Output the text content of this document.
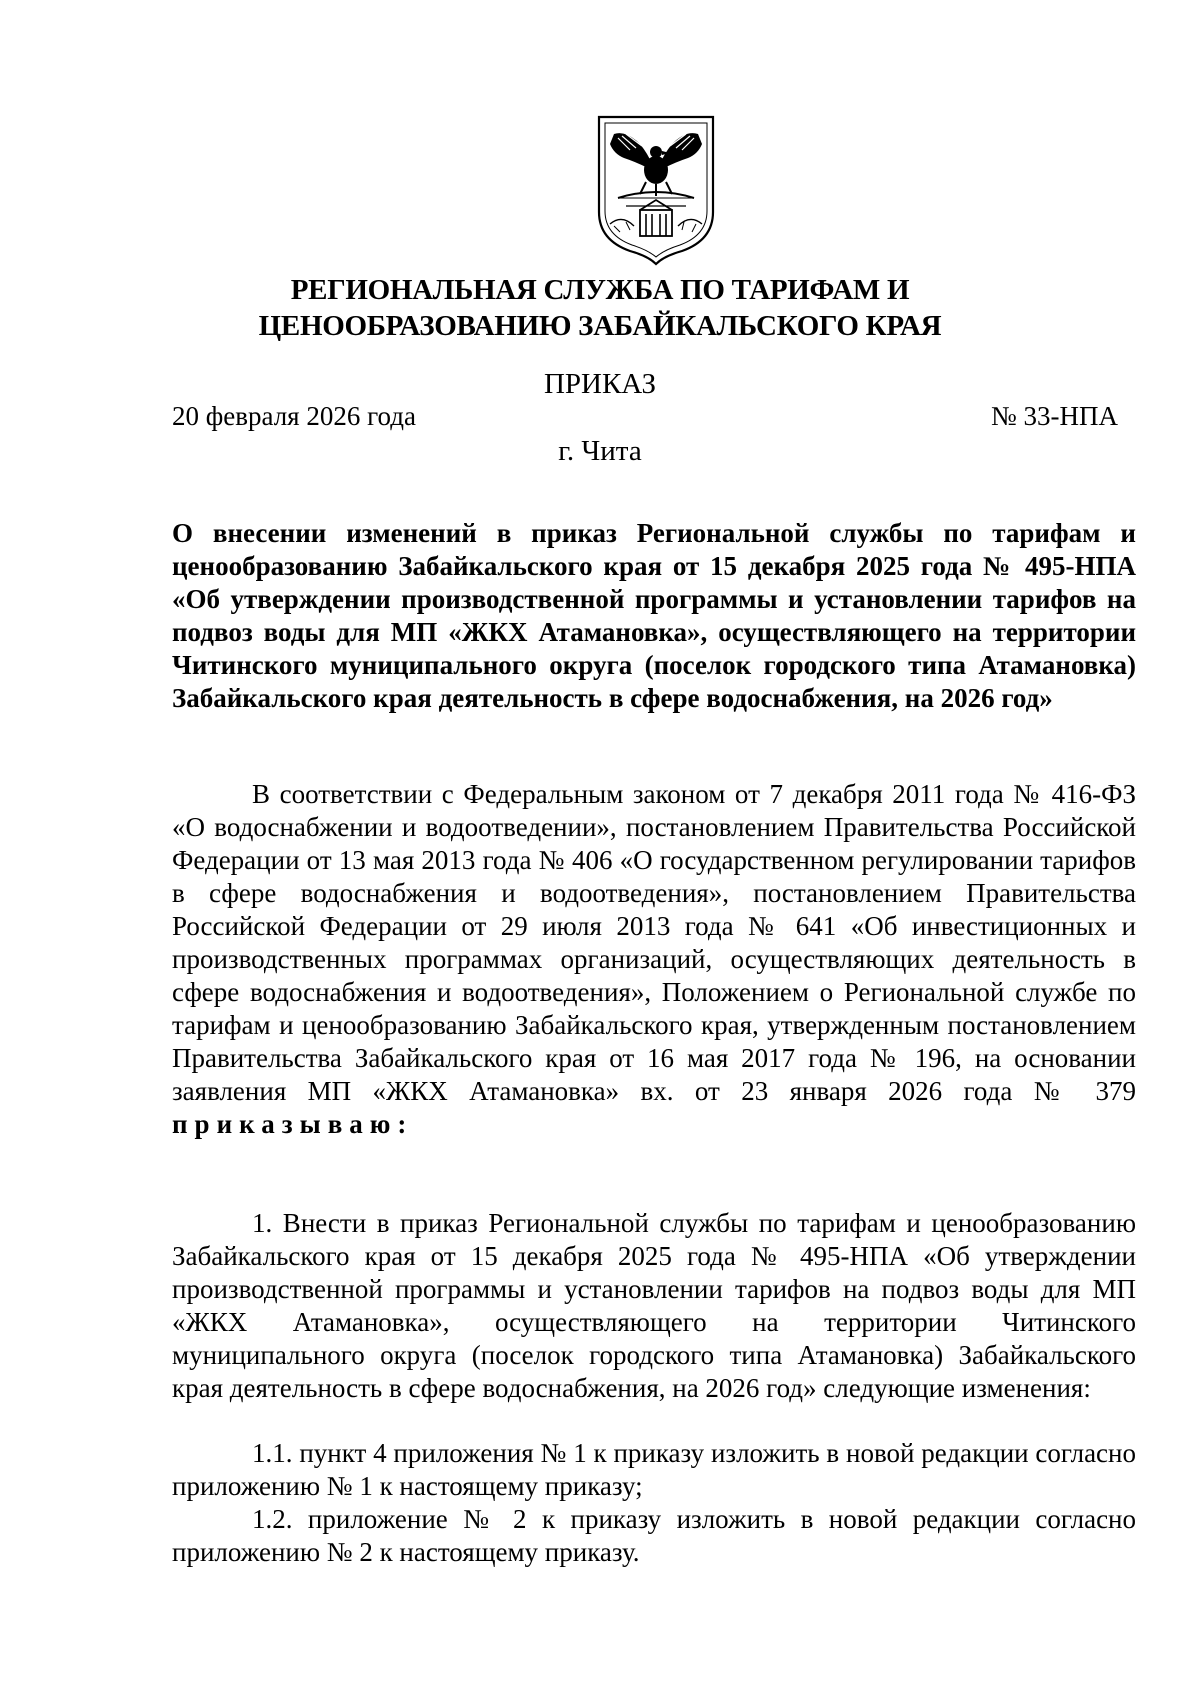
РЕГИОНАЛЬНАЯ СЛУЖБА ПО ТАРИФАМ И ЦЕНООБРАЗОВАНИЮ ЗАБАЙКАЛЬСКОГО КРАЯ
ПРИКАЗ
20 февраля 2026 года	№ 33-НПА
г. Чита
О внесении изменений в приказ Региональной службы по тарифам и ценообразованию Забайкальского края от 15 декабря 2025 года № 495-НПА «Об утверждении производственной программы и установлении тарифов на подвоз воды для МП «ЖКХ Атамановка», осуществляющего на территории Читинского муниципального округа (поселок городского типа Атамановка) Забайкальского края деятельность в сфере водоснабжения, на 2026 год»
В соответствии с Федеральным законом от 7 декабря 2011 года № 416-ФЗ «О водоснабжении и водоотведении», постановлением Правительства Российской Федерации от 13 мая 2013 года № 406 «О государственном регулировании тарифов в сфере водоснабжения и водоотведения», постановлением Правительства Российской Федерации от 29 июля 2013 года № 641 «Об инвестиционных и производственных программах организаций, осуществляющих деятельность в сфере водоснабжения и водоотведения», Положением о Региональной службе по тарифам и ценообразованию Забайкальского края, утвержденным постановлением Правительства Забайкальского края от 16 мая 2017 года № 196, на основании заявления МП «ЖКХ Атамановка» вх. от 23 января 2026 года № 379 приказываю:
1. Внести в приказ Региональной службы по тарифам и ценообразованию Забайкальского края от 15 декабря 2025 года № 495-НПА «Об утверждении производственной программы и установлении тарифов на подвоз воды для МП «ЖКХ Атамановка», осуществляющего на территории Читинского муниципального округа (поселок городского типа Атамановка) Забайкальского края деятельность в сфере водоснабжения, на 2026 год» следующие изменения:
1.1. пункт 4 приложения № 1 к приказу изложить в новой редакции согласно приложению № 1 к настоящему приказу;
1.2. приложение № 2 к приказу изложить в новой редакции согласно приложению № 2 к настоящему приказу.
